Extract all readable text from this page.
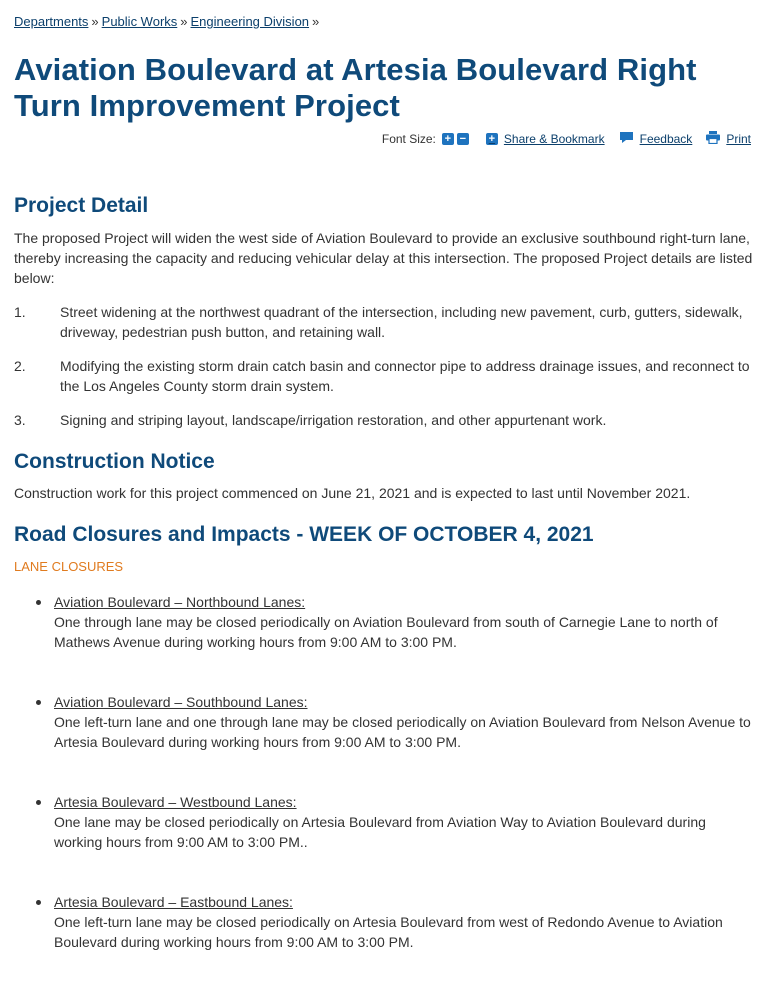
Departments » Public Works » Engineering Division »
Aviation Boulevard at Artesia Boulevard Right Turn Improvement Project
Font Size: + − + Share & Bookmark	Feedback	Print
Project Detail

The proposed Project will widen the west side of Aviation Boulevard to provide an exclusive southbound right-turn lane, thereby increasing the capacity and reducing vehicular delay at this intersection. The proposed Project details are listed below:

1. Street widening at the northwest quadrant of the intersection, including new pavement, curb, gutters, sidewalk, driveway, pedestrian push button, and retaining wall.
2. Modifying the existing storm drain catch basin and connector pipe to address drainage issues, and reconnect to the Los Angeles County storm drain system.
3. Signing and striping layout, landscape/irrigation restoration, and other appurtenant work.
Construction Notice

Construction work for this project commenced on June 21, 2021 and is expected to last until November 2021.

Road Closures and Impacts - WEEK OF OCTOBER 4, 2021
LANE CLOSURES
Aviation Boulevard – Northbound Lanes:
One through lane may be closed periodically on Aviation Boulevard from south of Carnegie Lane to north of Mathews Avenue during working hours from 9:00 AM to 3:00 PM.
Aviation Boulevard – Southbound Lanes:
One left-turn lane and one through lane may be closed periodically on Aviation Boulevard from Nelson Avenue to Artesia Boulevard during working hours from 9:00 AM to 3:00 PM.
Artesia Boulevard – Westbound Lanes:
One lane may be closed periodically on Artesia Boulevard from Aviation Way to Aviation Boulevard during working hours from 9:00 AM to 3:00 PM..
Artesia Boulevard – Eastbound Lanes:
One left-turn lane may be closed periodically on Artesia Boulevard from west of Redondo Avenue to Aviation Boulevard during working hours from 9:00 AM to 3:00 PM.
